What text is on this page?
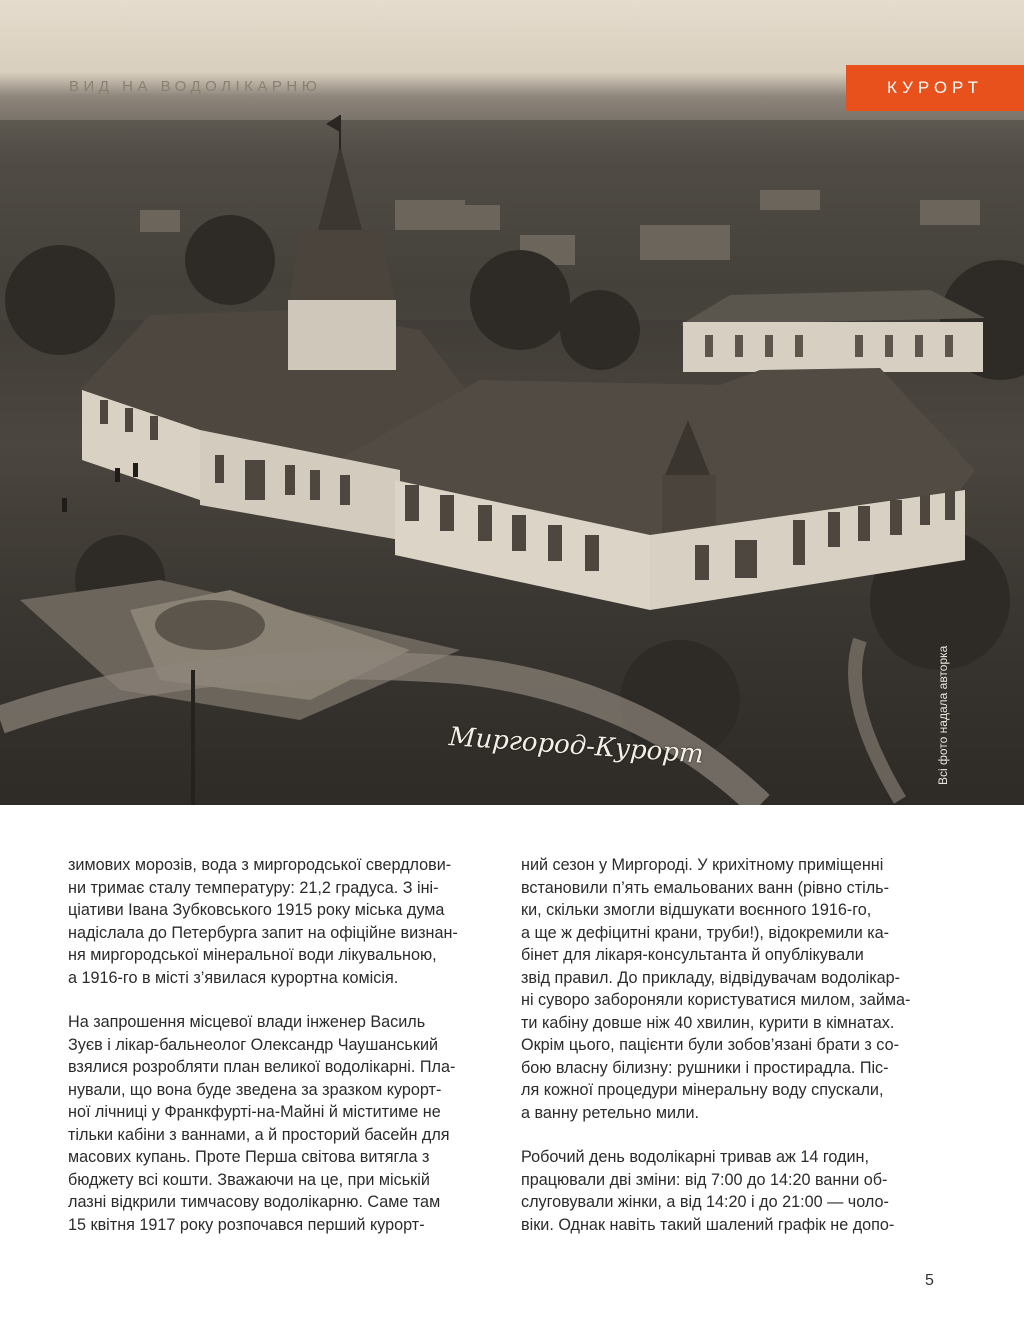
ВИД НА ВОДОЛІКАРНЮ	КУРОРТ
Миргород-Курорт	Всі фото надала авторка
зимових морозів, вода з миргородської свердлови-
ни тримає сталу температуру: 21,2 градуса. З іні-
ціативи Івана Зубковського 1915 року міська дума
надіслала до Петербурга запит на офіційне визнан-
ня миргородської мінеральної води лікувальною,
а 1916-го в місті з’явилася курортна комісія.
На запрошення місцевої влади інженер Василь
Зуєв і лікар-бальнеолог Олександр Чаушанський
взялися розробляти план великої водолікарні. Пла-
нували, що вона буде зведена за зразком курорт-
ної лічниці у Франкфурті-на-Майні й міститиме не
тільки кабіни з ваннами, а й просторий басейн для
масових купань. Проте Перша світова витягла з
бюджету всі кошти. Зважаючи на це, при міській
лазні відкрили тимчасову водолікарню. Саме там
15 квітня 1917 року розпочався перший курорт-
ний сезон у Миргороді. У крихітному приміщенні
встановили п’ять емальованих ванн (рівно стіль-
ки, скільки змогли відшукати воєнного 1916-го,
а ще ж дефіцитні крани, труби!), відокремили ка-
бінет для лікаря-консультанта й опублікували
звід правил. До прикладу, відвідувачам водолікар-
ні суворо забороняли користуватися милом, займа-
ти кабіну довше ніж 40 хвилин, курити в кімнатах.
Окрім цього, пацієнти були зобов’язані брати з со-
бою власну білизну: рушники і простирадла. Піс-
ля кожної процедури мінеральну воду спускали,
а ванну ретельно мили.
Робочий день водолікарні тривав аж 14 годин,
працювали дві зміни: від 7:00 до 14:20 ванни об-
слуговували жінки, а від 14:20 і до 21:00 — чоло-
віки. Однак навіть такий шалений графік не допо-
5
